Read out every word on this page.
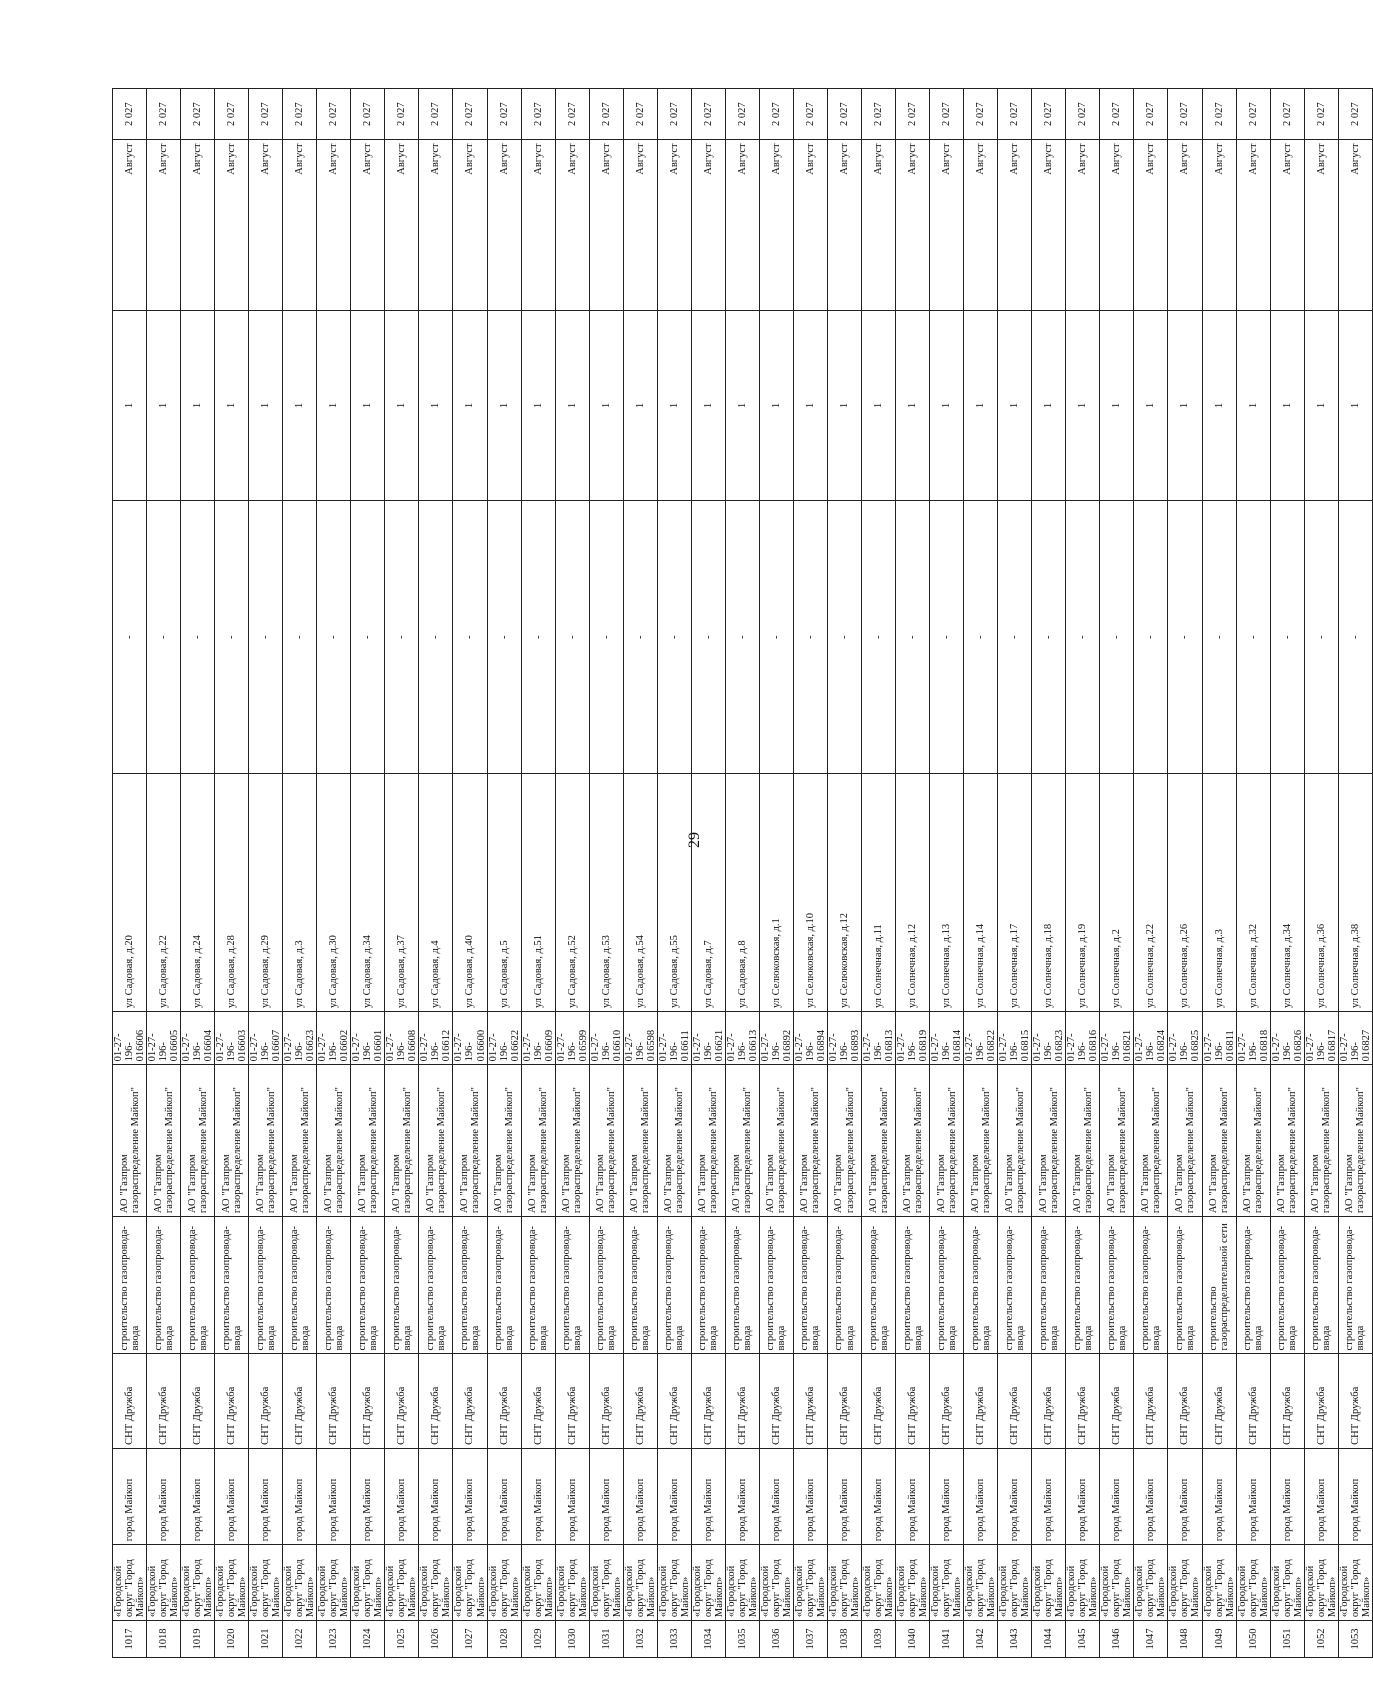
29
1017	«Городской округ "Город Майкоп»	город Майкоп	СНТ Дружба	строительство газопровода-ввода	АО "Газпром газораспределение Майкоп"	01-27-196-016606	ул Садовая, д.20	-	1	Август	2 027
1018	«Городской округ "Город Майкоп»	город Майкоп	СНТ Дружба	строительство газопровода-ввода	АО "Газпром газораспределение Майкоп"	01-27-196-016605	ул Садовая, д.22	-	1	Август	2 027
1019	«Городской округ "Город Майкоп»	город Майкоп	СНТ Дружба	строительство газопровода-ввода	АО "Газпром газораспределение Майкоп"	01-27-196-016604	ул Садовая, д.24	-	1	Август	2 027
1020	«Городской округ "Город Майкоп»	город Майкоп	СНТ Дружба	строительство газопровода-ввода	АО "Газпром газораспределение Майкоп"	01-27-196-016603	ул Садовая, д.28	-	1	Август	2 027
1021	«Городской округ "Город Майкоп»	город Майкоп	СНТ Дружба	строительство газопровода-ввода	АО "Газпром газораспределение Майкоп"	01-27-196-016607	ул Садовая, д.29	-	1	Август	2 027
1022	«Городской округ "Город Майкоп»	город Майкоп	СНТ Дружба	строительство газопровода-ввода	АО "Газпром газораспределение Майкоп"	01-27-196-016623	ул Садовая, д.3	-	1	Август	2 027
1023	«Городской округ "Город Майкоп»	город Майкоп	СНТ Дружба	строительство газопровода-ввода	АО "Газпром газораспределение Майкоп"	01-27-196-016602	ул Садовая, д.30	-	1	Август	2 027
1024	«Городской округ "Город Майкоп»	город Майкоп	СНТ Дружба	строительство газопровода-ввода	АО "Газпром газораспределение Майкоп"	01-27-196-016601	ул Садовая, д.34	-	1	Август	2 027
1025	«Городской округ "Город Майкоп»	город Майкоп	СНТ Дружба	строительство газопровода-ввода	АО "Газпром газораспределение Майкоп"	01-27-196-016608	ул Садовая, д.37	-	1	Август	2 027
1026	«Городской округ "Город Майкоп»	город Майкоп	СНТ Дружба	строительство газопровода-ввода	АО "Газпром газораспределение Майкоп"	01-27-196-016612	ул Садовая, д.4	-	1	Август	2 027
1027	«Городской округ "Город Майкоп»	город Майкоп	СНТ Дружба	строительство газопровода-ввода	АО "Газпром газораспределение Майкоп"	01-27-196-016600	ул Садовая, д.40	-	1	Август	2 027
1028	«Городской округ "Город Майкоп»	город Майкоп	СНТ Дружба	строительство газопровода-ввода	АО "Газпром газораспределение Майкоп"	01-27-196-016622	ул Садовая, д.5	-	1	Август	2 027
1029	«Городской округ "Город Майкоп»	город Майкоп	СНТ Дружба	строительство газопровода-ввода	АО "Газпром газораспределение Майкоп"	01-27-196-016609	ул Садовая, д.51	-	1	Август	2 027
1030	«Городской округ "Город Майкоп»	город Майкоп	СНТ Дружба	строительство газопровода-ввода	АО "Газпром газораспределение Майкоп"	01-27-196-016599	ул Садовая, д.52	-	1	Август	2 027
1031	«Городской округ "Город Майкоп»	город Майкоп	СНТ Дружба	строительство газопровода-ввода	АО "Газпром газораспределение Майкоп"	01-27-196-016610	ул Садовая, д.53	-	1	Август	2 027
1032	«Городской округ "Город Майкоп»	город Майкоп	СНТ Дружба	строительство газопровода-ввода	АО "Газпром газораспределение Майкоп"	01-27-196-016598	ул Садовая, д.54	-	1	Август	2 027
1033	«Городской округ "Город Майкоп»	город Майкоп	СНТ Дружба	строительство газопровода-ввода	АО "Газпром газораспределение Майкоп"	01-27-196-016611	ул Садовая, д.55	-	1	Август	2 027
1034	«Городской округ "Город Майкоп»	город Майкоп	СНТ Дружба	строительство газопровода-ввода	АО "Газпром газораспределение Майкоп"	01-27-196-016621	ул Садовая, д.7	-	1	Август	2 027
1035	«Городской округ "Город Майкоп»	город Майкоп	СНТ Дружба	строительство газопровода-ввода	АО "Газпром газораспределение Майкоп"	01-27-196-016613	ул Садовая, д.8	-	1	Август	2 027
1036	«Городской округ "Город Майкоп»	город Майкоп	СНТ Дружба	строительство газопровода-ввода	АО "Газпром газораспределение Майкоп"	01-27-196-016892	ул Селюковская, д.1	-	1	Август	2 027
1037	«Городской округ "Город Майкоп»	город Майкоп	СНТ Дружба	строительство газопровода-ввода	АО "Газпром газораспределение Майкоп"	01-27-196-016894	ул Селюковская, д.10	-	1	Август	2 027
1038	«Городской округ "Город Майкоп»	город Майкоп	СНТ Дружба	строительство газопровода-ввода	АО "Газпром газораспределение Майкоп"	01-27-196-016893	ул Селюковская, д.12	-	1	Август	2 027
1039	«Городской округ "Город Майкоп»	город Майкоп	СНТ Дружба	строительство газопровода-ввода	АО "Газпром газораспределение Майкоп"	01-27-196-016813	ул Солнечная, д.11	-	1	Август	2 027
1040	«Городской округ "Город Майкоп»	город Майкоп	СНТ Дружба	строительство газопровода-ввода	АО "Газпром газораспределение Майкоп"	01-27-196-016819	ул Солнечная, д.12	-	1	Август	2 027
1041	«Городской округ "Город Майкоп»	город Майкоп	СНТ Дружба	строительство газопровода-ввода	АО "Газпром газораспределение Майкоп"	01-27-196-016814	ул Солнечная, д.13	-	1	Август	2 027
1042	«Городской округ "Город Майкоп»	город Майкоп	СНТ Дружба	строительство газопровода-ввода	АО "Газпром газораспределение Майкоп"	01-27-196-016822	ул Солнечная, д.14	-	1	Август	2 027
1043	«Городской округ "Город Майкоп»	город Майкоп	СНТ Дружба	строительство газопровода-ввода	АО "Газпром газораспределение Майкоп"	01-27-196-016815	ул Солнечная, д.17	-	1	Август	2 027
1044	«Городской округ "Город Майкоп»	город Майкоп	СНТ Дружба	строительство газопровода-ввода	АО "Газпром газораспределение Майкоп"	01-27-196-016823	ул Солнечная, д.18	-	1	Август	2 027
1045	«Городской округ "Город Майкоп»	город Майкоп	СНТ Дружба	строительство газопровода-ввода	АО "Газпром газораспределение Майкоп"	01-27-196-016816	ул Солнечная, д.19	-	1	Август	2 027
1046	«Городской округ "Город Майкоп»	город Майкоп	СНТ Дружба	строительство газопровода-ввода	АО "Газпром газораспределение Майкоп"	01-27-196-016821	ул Солнечная, д.2	-	1	Август	2 027
1047	«Городской округ "Город Майкоп»	город Майкоп	СНТ Дружба	строительство газопровода-ввода	АО "Газпром газораспределение Майкоп"	01-27-196-016824	ул Солнечная, д.22	-	1	Август	2 027
1048	«Городской округ "Город Майкоп»	город Майкоп	СНТ Дружба	строительство газопровода-ввода	АО "Газпром газораспределение Майкоп"	01-27-196-016825	ул Солнечная, д.26	-	1	Август	2 027
1049	«Городской округ "Город Майкоп»	город Майкоп	СНТ Дружба	строительство газораспределительной сети	АО "Газпром газораспределение Майкоп"	01-27-196-016811	ул Солнечная, д.3	-	1	Август	2 027
1050	«Городской округ "Город Майкоп»	город Майкоп	СНТ Дружба	строительство газопровода-ввода	АО "Газпром газораспределение Майкоп"	01-27-196-016818	ул Солнечная, д.32	-	1	Август	2 027
1051	«Городской округ "Город Майкоп»	город Майкоп	СНТ Дружба	строительство газопровода-ввода	АО "Газпром газораспределение Майкоп"	01-27-196-016826	ул Солнечная, д.34	-	1	Август	2 027
1052	«Городской округ "Город Майкоп»	город Майкоп	СНТ Дружба	строительство газопровода-ввода	АО "Газпром газораспределение Майкоп"	01-27-196-016817	ул Солнечная, д.36	-	1	Август	2 027
1053	«Городской округ "Город Майкоп»	город Майкоп	СНТ Дружба	строительство газопровода-ввода	АО "Газпром газораспределение Майкоп"	01-27-196-016827	ул Солнечная, д.38	-	1	Август	2 027
